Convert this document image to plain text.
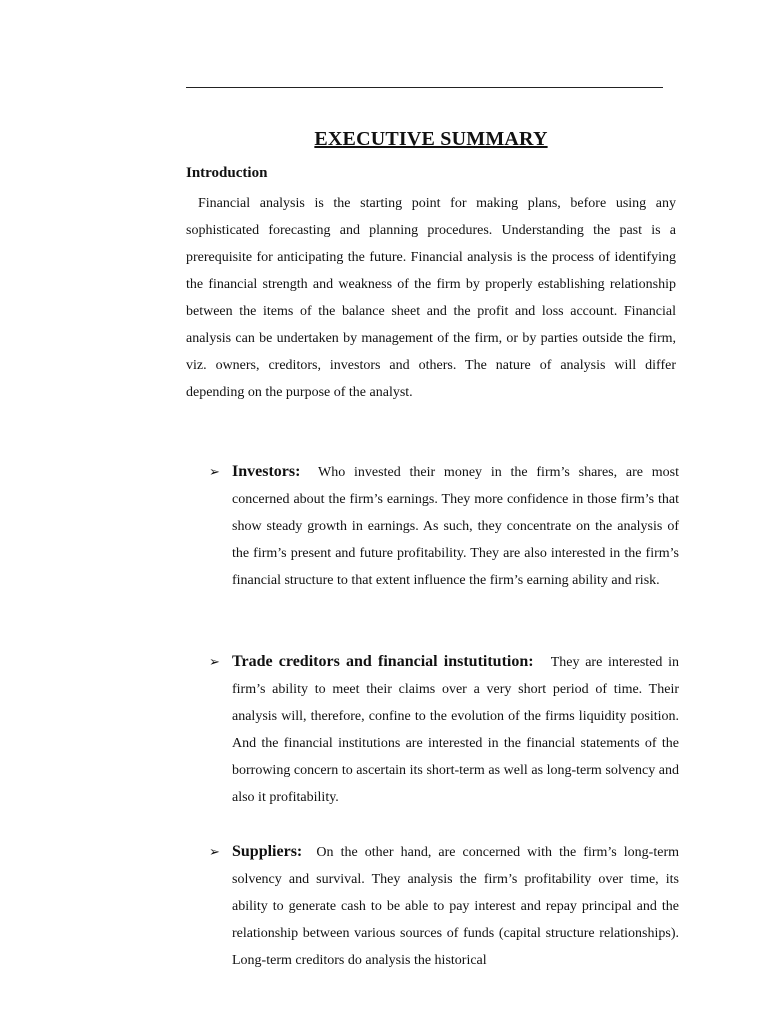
EXECUTIVE SUMMARY
Introduction

Financial analysis is the starting point for making plans, before using any sophisticated forecasting and planning procedures. Understanding the past is a prerequisite for anticipating the future. Financial analysis is the process of identifying the financial strength and weakness of the firm by properly establishing relationship between the items of the balance sheet and the profit and loss account. Financial analysis can be undertaken by management of the firm, or by parties outside the firm, viz. owners, creditors, investors and others. The nature of analysis will differ depending on the purpose of the analyst.

➢ Investors: Who invested their money in the firm’s shares, are most concerned about the firm’s earnings. They more confidence in those firm’s that show steady growth in earnings. As such, they concentrate on the analysis of the firm’s present and future profitability. They are also interested in the firm’s financial structure to that extent influence the firm’s earning ability and risk.

➢ Trade creditors and financial instutitution: They are interested in firm’s ability to meet their claims over a very short period of time. Their analysis will, therefore, confine to the evolution of the firms liquidity position. And the financial institutions are interested in the financial statements of the borrowing concern to ascertain its short-term as well as long-term solvency and also it profitability.

➢ Suppliers: On the other hand, are concerned with the firm’s long-term solvency and survival. They analysis the firm’s profitability over time, its ability to generate cash to be able to pay interest and repay principal and the relationship between various sources of funds (capital structure relationships). Long-term creditors do analysis the historical
